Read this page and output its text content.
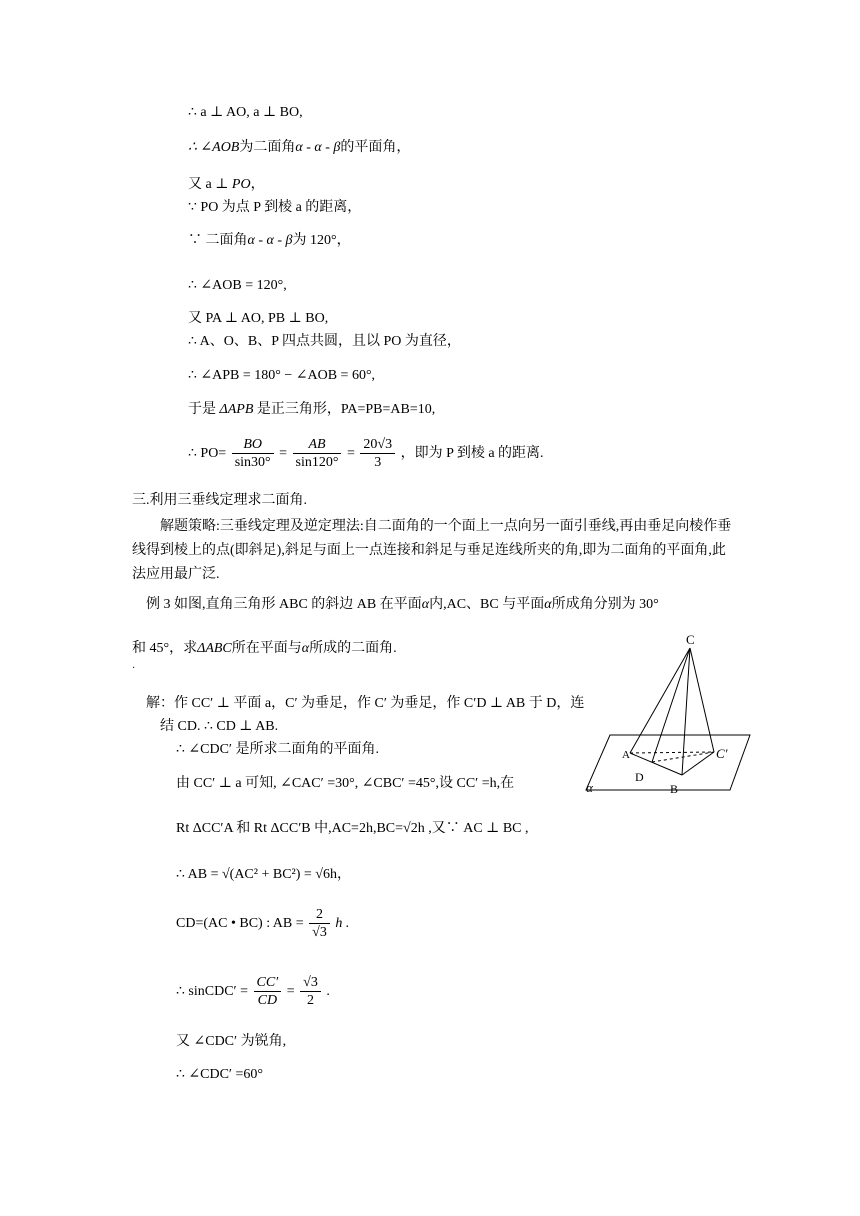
∴ a ⊥ AO, a ⊥ BO,
∴ ∠AOB为二面角α - α - β的平面角，
又 a ⊥ PO，
∵ PO 为点 P 到棱 a 的距离，
∵ 二面角α - α - β为 120°，
∴ ∠AOB = 120°,
又 PA ⊥ AO, PB ⊥ BO,
∴ A、O、B、P 四点共圆，且以 PO 为直径，
∴ ∠APB = 180° − ∠AOB = 60°,
于是 ΔAPB 是正三角形，PA=PB=AB=10,
∴ $PO= \frac{BO}{\sin 30^\circ} = \frac{AB}{\sin 120^\circ} = \frac{20√3}{3}$ ，即为 P 到棱 a 的距离.
三.利用三垂线定理求二面角.
解题策略:三垂线定理及逆定理法:自二面角的一个面上一点向另一面引垂线,再由垂足向棱作垂线得到棱上的点(即斜足),斜足与面上一点连接和斜足与垂足连线所夹的角,即为二面角的平面角,此法应用最广泛.
例 3 如图,直角三角形 ABC 的斜边 AB 在平面α内,AC、BC 与平面α所成角分别为 30°
和 45°，求ΔABC所在平面与α所成的二面角.
·
解：作 CC′ ⊥ 平面 a，C′ 为垂足，作 C′ 为垂足，作 C′D ⊥ AB 于 D，连
结 CD. ∴ CD ⊥ AB.
∴ ∠CDC′ 是所求二面角的平面角.
由 CC′ ⊥ a 可知, ∠CAC′ =30°, ∠CBC′ =45°,设 CC′ =h,在
Rt ΔCC′A 和 Rt ΔCC′B 中,AC=2h,BC=√2h ,又∵ AC ⊥ BC ,
∴ AB = √(AC² + BC²) = √6h，
CD=(AC • BC) : AB = $\frac{2}{√3}$ h .
∴ sinCDC′ = $\frac{CC'}{CD} = \frac{√3}{2}$ .
又 ∠CDC′ 为锐角,
∴ ∠CDC′ =60°
C
A	C′
D
B
α
